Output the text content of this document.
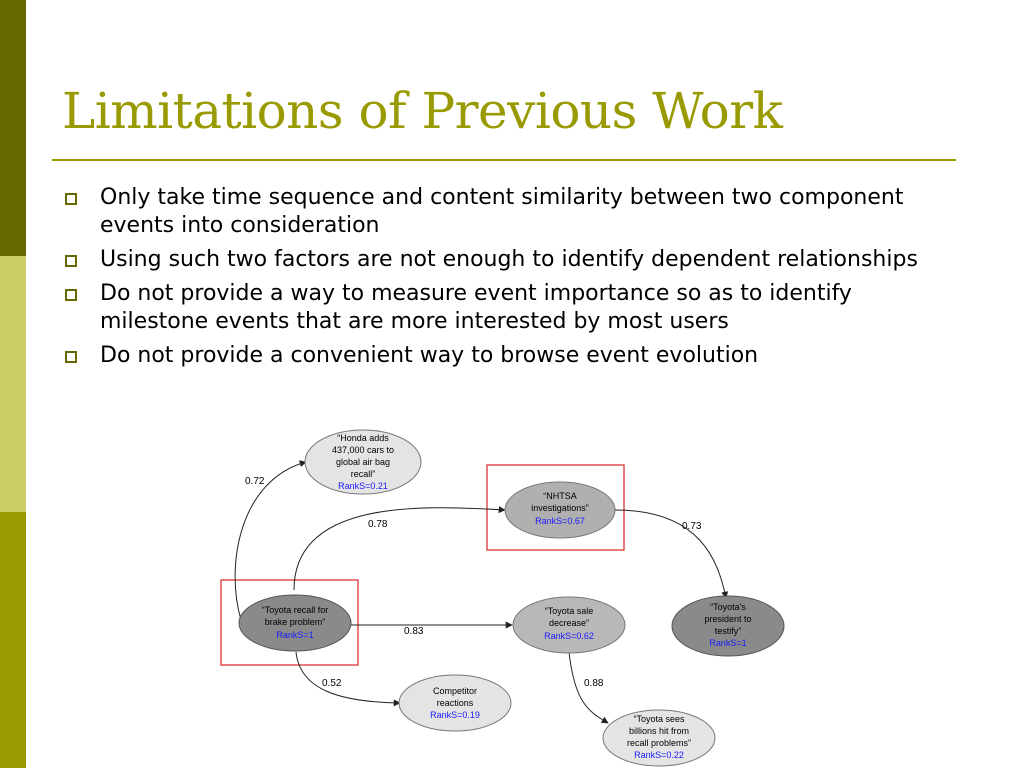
Limitations of Previous Work
Only take time sequence and content similarity between two component events into consideration
Using such two factors are not enough to identify dependent relationships
Do not provide a way to measure event importance so as to identify milestone events that are more interested by most users
Do not provide a convenient way to browse event evolution
0.72
0.78	0.73
0.83
0.52	0.88
“Honda adds
437,000 cars to
global air bag
recall”
RankS=0.21
“NHTSA
investigations”
RankS=0.67
“Toyota recall for
brake problem”
RankS=1
“Toyota sale
decrease”
RankS=0.62
“Toyota's
president to
testify”
RankS=1
Competitor
reactions
RankS=0.19	“Toyota sees
billions hit from
recall problems”
RankS=0.22
